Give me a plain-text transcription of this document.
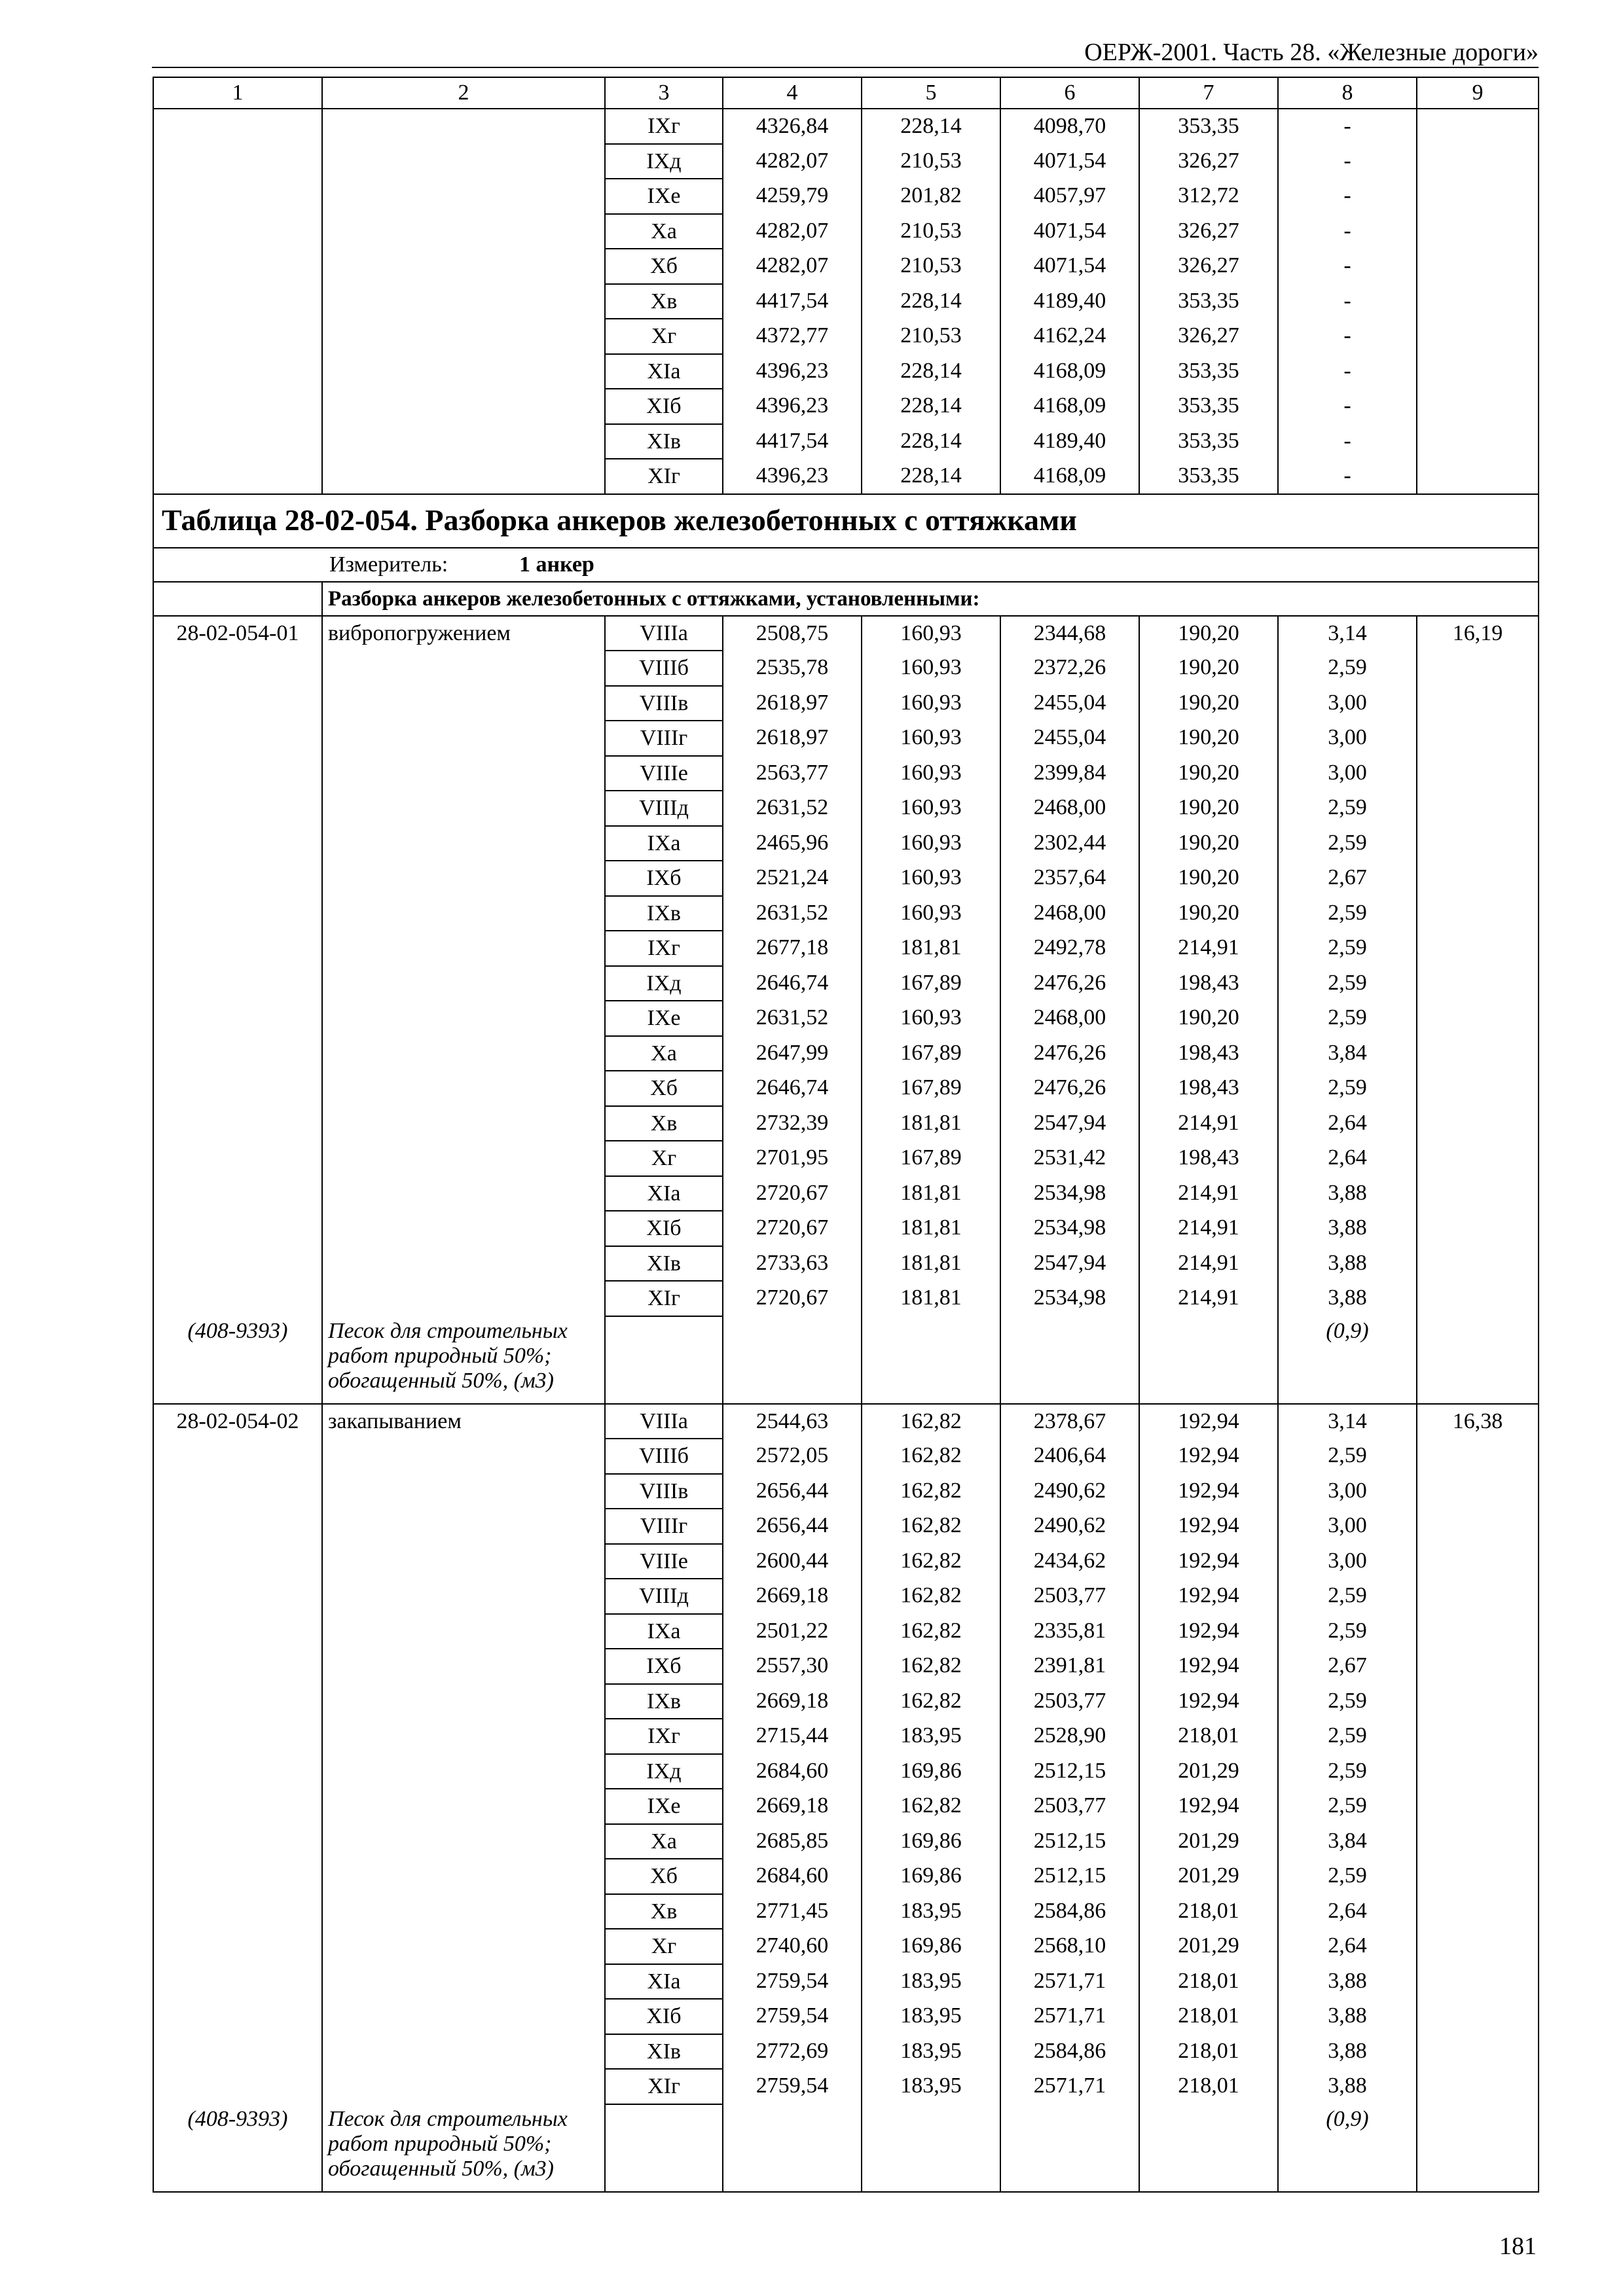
ОЕРЖ-2001. Часть 28. «Железные дороги»
1	2	3	4	5	6	7	8	9
		IXг	4326,84	228,14	4098,70	353,35	-	
		IXд	4282,07	210,53	4071,54	326,27	-	
		IXе	4259,79	201,82	4057,97	312,72	-	
		Xа	4282,07	210,53	4071,54	326,27	-	
		Xб	4282,07	210,53	4071,54	326,27	-	
		Xв	4417,54	228,14	4189,40	353,35	-	
		Xг	4372,77	210,53	4162,24	326,27	-	
		XIа	4396,23	228,14	4168,09	353,35	-	
		XIб	4396,23	228,14	4168,09	353,35	-	
		XIв	4417,54	228,14	4189,40	353,35	-	
		XIг	4396,23	228,14	4168,09	353,35	-	
Таблица 28-02-054. Разборка анкеров железобетонных с оттяжками								
Измеритель: 1 анкер								
	Разборка анкеров железобетонных с оттяжками, установленными:							
28-02-054-01	вибропогружением	VIIIа	2508,75	160,93	2344,68	190,20	3,14	16,19
		VIIIб	2535,78	160,93	2372,26	190,20	2,59	
		VIIIв	2618,97	160,93	2455,04	190,20	3,00	
		VIIIг	2618,97	160,93	2455,04	190,20	3,00	
		VIIIе	2563,77	160,93	2399,84	190,20	3,00	
		VIIIд	2631,52	160,93	2468,00	190,20	2,59	
		IXа	2465,96	160,93	2302,44	190,20	2,59	
		IXб	2521,24	160,93	2357,64	190,20	2,67	
		IXв	2631,52	160,93	2468,00	190,20	2,59	
		IXг	2677,18	181,81	2492,78	214,91	2,59	
		IXд	2646,74	167,89	2476,26	198,43	2,59	
		IXе	2631,52	160,93	2468,00	190,20	2,59	
		Xа	2647,99	167,89	2476,26	198,43	3,84	
		Xб	2646,74	167,89	2476,26	198,43	2,59	
		Xв	2732,39	181,81	2547,94	214,91	2,64	
		Xг	2701,95	167,89	2531,42	198,43	2,64	
		XIа	2720,67	181,81	2534,98	214,91	3,88	
		XIб	2720,67	181,81	2534,98	214,91	3,88	
		XIв	2733,63	181,81	2547,94	214,91	3,88	
		XIг	2720,67	181,81	2534,98	214,91	3,88	
(408-9393)	Песок для строительных работ природный 50%; обогащенный 50%, (м3)						(0,9)	
28-02-054-02	закапыванием	VIIIа	2544,63	162,82	2378,67	192,94	3,14	16,38
		VIIIб	2572,05	162,82	2406,64	192,94	2,59	
		VIIIв	2656,44	162,82	2490,62	192,94	3,00	
		VIIIг	2656,44	162,82	2490,62	192,94	3,00	
		VIIIе	2600,44	162,82	2434,62	192,94	3,00	
		VIIIд	2669,18	162,82	2503,77	192,94	2,59	
		IXа	2501,22	162,82	2335,81	192,94	2,59	
		IXб	2557,30	162,82	2391,81	192,94	2,67	
		IXв	2669,18	162,82	2503,77	192,94	2,59	
		IXг	2715,44	183,95	2528,90	218,01	2,59	
		IXд	2684,60	169,86	2512,15	201,29	2,59	
		IXе	2669,18	162,82	2503,77	192,94	2,59	
		Xа	2685,85	169,86	2512,15	201,29	3,84	
		Xб	2684,60	169,86	2512,15	201,29	2,59	
		Xв	2771,45	183,95	2584,86	218,01	2,64	
		Xг	2740,60	169,86	2568,10	201,29	2,64	
		XIа	2759,54	183,95	2571,71	218,01	3,88	
		XIб	2759,54	183,95	2571,71	218,01	3,88	
		XIв	2772,69	183,95	2584,86	218,01	3,88	
		XIг	2759,54	183,95	2571,71	218,01	3,88	
(408-9393)	Песок для строительных работ природный 50%; обогащенный 50%, (м3)						(0,9)	
181
